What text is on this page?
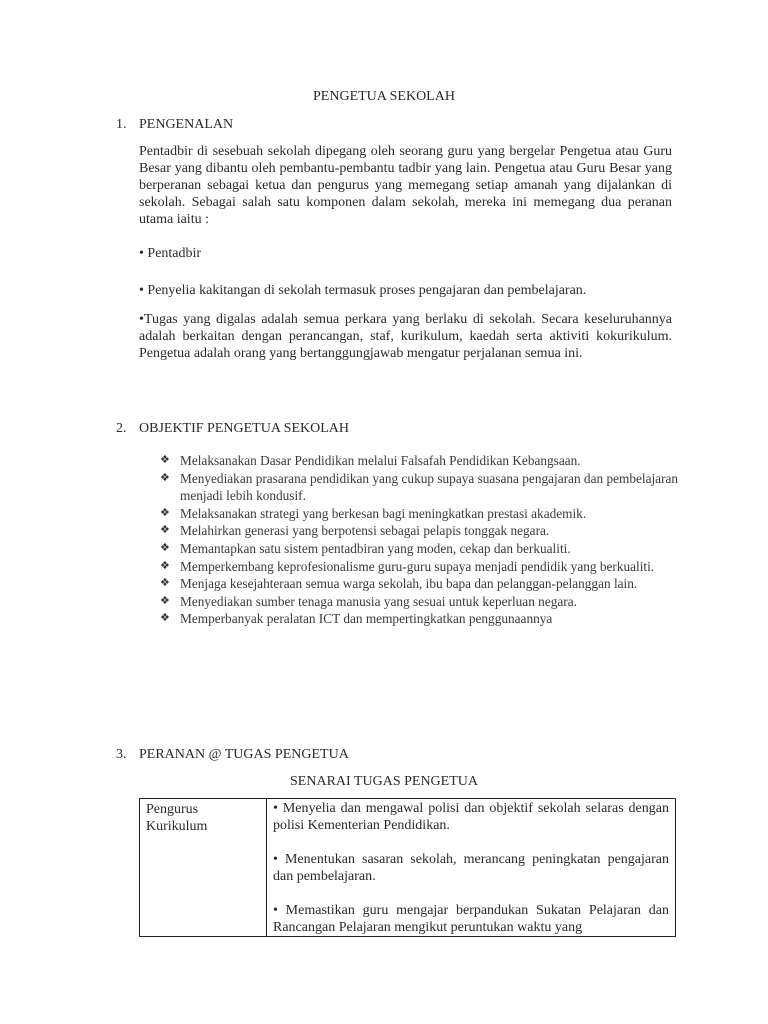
PENGETUA SEKOLAH
1. PENGENALAN
Pentadbir di sesebuah sekolah dipegang oleh seorang guru yang bergelar Pengetua atau Guru Besar yang dibantu oleh pembantu-pembantu tadbir yang lain. Pengetua atau Guru Besar yang berperanan sebagai ketua dan pengurus yang memegang setiap amanah yang dijalankan di sekolah. Sebagai salah satu komponen dalam sekolah, mereka ini memegang dua peranan utama iaitu :
• Pentadbir
• Penyelia kakitangan di sekolah termasuk proses pengajaran dan pembelajaran.
•Tugas yang digalas adalah semua perkara yang berlaku di sekolah. Secara keseluruhannya adalah berkaitan dengan perancangan, staf, kurikulum, kaedah serta aktiviti kokurikulum. Pengetua adalah orang yang bertanggungjawab mengatur perjalanan semua ini.
2. OBJEKTIF PENGETUA SEKOLAH
❖ Melaksanakan Dasar Pendidikan melalui Falsafah Pendidikan Kebangsaan.
❖ Menyediakan prasarana pendidikan yang cukup supaya suasana pengajaran dan pembelajaran menjadi lebih kondusif.
❖ Melaksanakan strategi yang berkesan bagi meningkatkan prestasi akademik.
❖ Melahirkan generasi yang berpotensi sebagai pelapis tonggak negara.
❖ Memantapkan satu sistem pentadbiran yang moden, cekap dan berkualiti.
❖ Memperkembang keprofesionalisme guru-guru supaya menjadi pendidik yang berkualiti.
❖ Menjaga kesejahteraan semua warga sekolah, ibu bapa dan pelanggan-pelanggan lain.
❖ Menyediakan sumber tenaga manusia yang sesuai untuk keperluan negara.
❖ Memperbanyak peralatan ICT dan mempertingkatkan penggunaannya
3. PERANAN @ TUGAS PENGETUA
SENARAI TUGAS PENGETUA
Pengurus Kurikulum	
• Menyelia dan mengawal polisi dan objektif sekolah selaras dengan polisi Kementerian Pendidikan.
• Menentukan sasaran sekolah, merancang peningkatan pengajaran dan pembelajaran.
• Memastikan guru mengajar berpandukan Sukatan Pelajaran dan Rancangan Pelajaran mengikut peruntukan waktu yang
